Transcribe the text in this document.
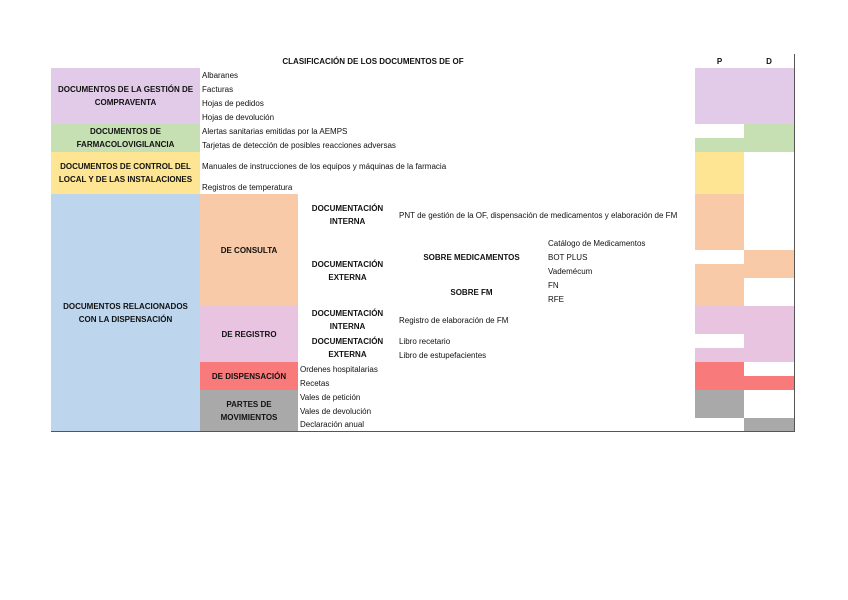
CLASIFICACIÓN DE LOS DOCUMENTOS DE OF	P	D
DOCUMENTOS DE LA GESTIÓN DE COMPRAVENTA
Albaranes
Facturas
Hojas de pedidos
Hojas de devolución
DOCUMENTOS DE FARMACOLOVIGILANCIA
Alertas sanitarias emitidas por la AEMPS
Tarjetas de detección de posibles reacciones adversas
DOCUMENTOS DE CONTROL DEL LOCAL Y DE LAS INSTALACIONES
Manuales de instrucciones de los equipos y máquinas de la farmacia
Registros de temperatura
DOCUMENTOS RELACIONADOS CON LA DISPENSACIÓN
DE CONSULTA
DOCUMENTACIÓN INTERNA
PNT de gestión de la OF, dispensación de medicamentos y elaboración de FM
DOCUMENTACIÓN EXTERNA
SOBRE MEDICAMENTOS
Catálogo de Medicamentos
BOT PLUS
Vademécum
SOBRE FM
FN
RFE
DE REGISTRO
DOCUMENTACIÓN INTERNA
Registro de elaboración de FM
DOCUMENTACIÓN EXTERNA
Libro recetario
Libro de estupefacientes
DE DISPENSACIÓN
Ordenes hospitalarias
Recetas
PARTES DE MOVIMIENTOS
Vales de petición
Vales de devolución
Declaración anual
